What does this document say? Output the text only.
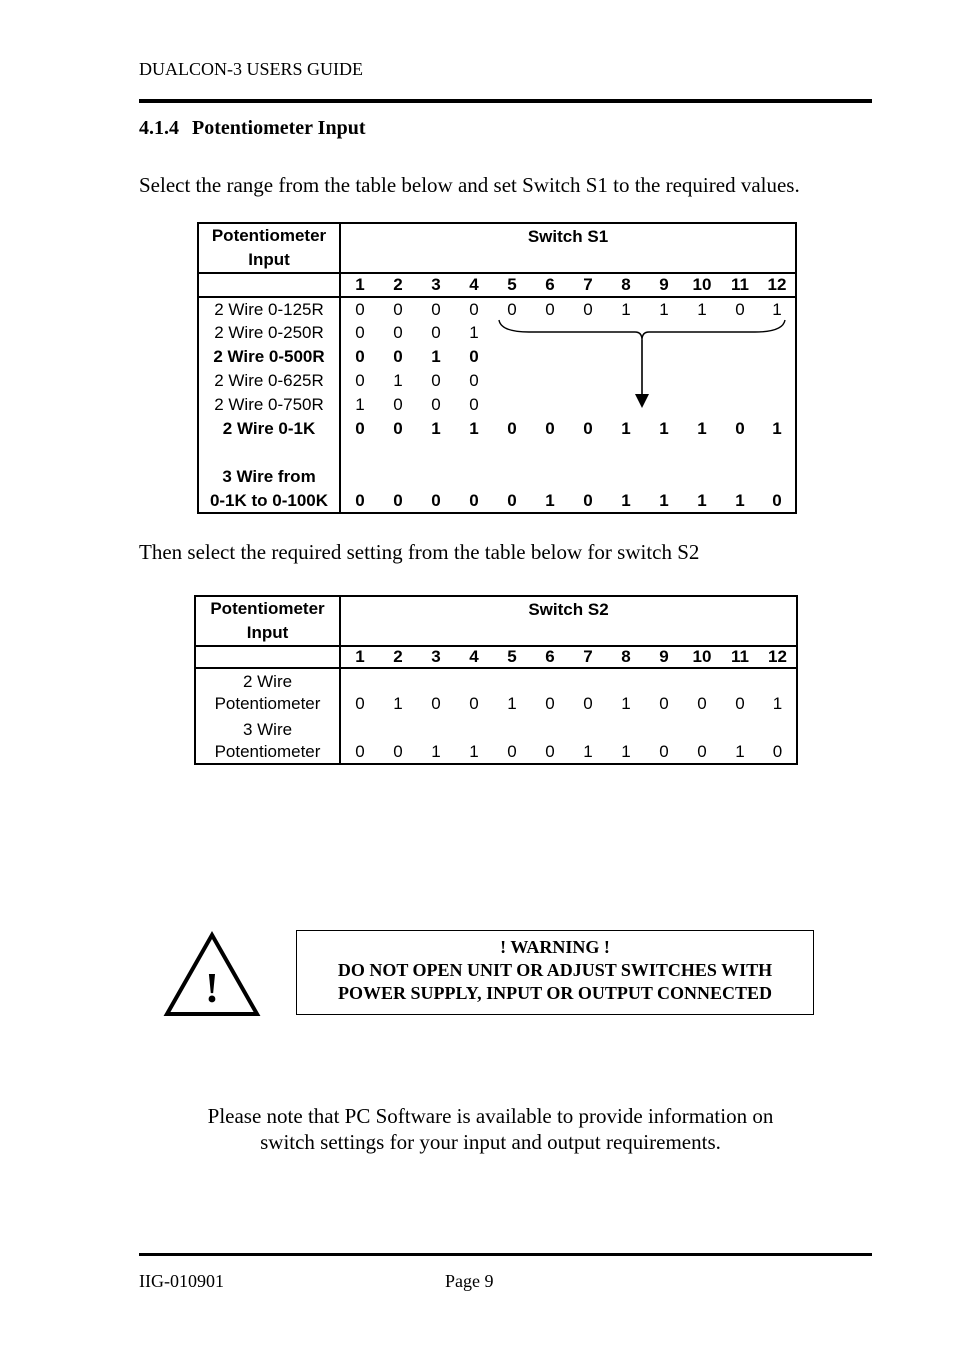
DUALCON-3 USERS GUIDE
4.1.4 Potentiometer Input
Select the range from the table below and set Switch S1 to the required values.
Potentiometer
Input	Switch S1											
	1	2	3	4	5	6	7	8	9	10	11	12
2 Wire 0-125R	0	0	0	0	0	0	0	1	1	1	0	1
2 Wire 0-250R	0	0	0	1								
2 Wire 0-500R	0	0	1	0								
2 Wire 0-625R	0	1	0	0								
2 Wire 0-750R	1	0	0	0								
2 Wire 0-1K	0	0	1	1	0	0	0	1	1	1	0	1

3 Wire from												
0-1K to 0-100K	0	0	0	0	0	1	0	1	1	1	1	0
Then select the required setting from the table below for switch S2
Potentiometer
Input	Switch S2											
	1	2	3	4	5	6	7	8	9	10	11	12
2 Wire												
Potentiometer	0	1	0	0	1	0	0	1	0	0	0	1
3 Wire												
Potentiometer	0	0	1	1	0	0	1	1	0	0	1	0
!
! WARNING !
DO NOT OPEN UNIT OR ADJUST SWITCHES WITH
POWER SUPPLY, INPUT OR OUTPUT CONNECTED
Please note that PC Software is available to provide information on
switch settings for your input and output requirements.
IIG-010901	Page 9
